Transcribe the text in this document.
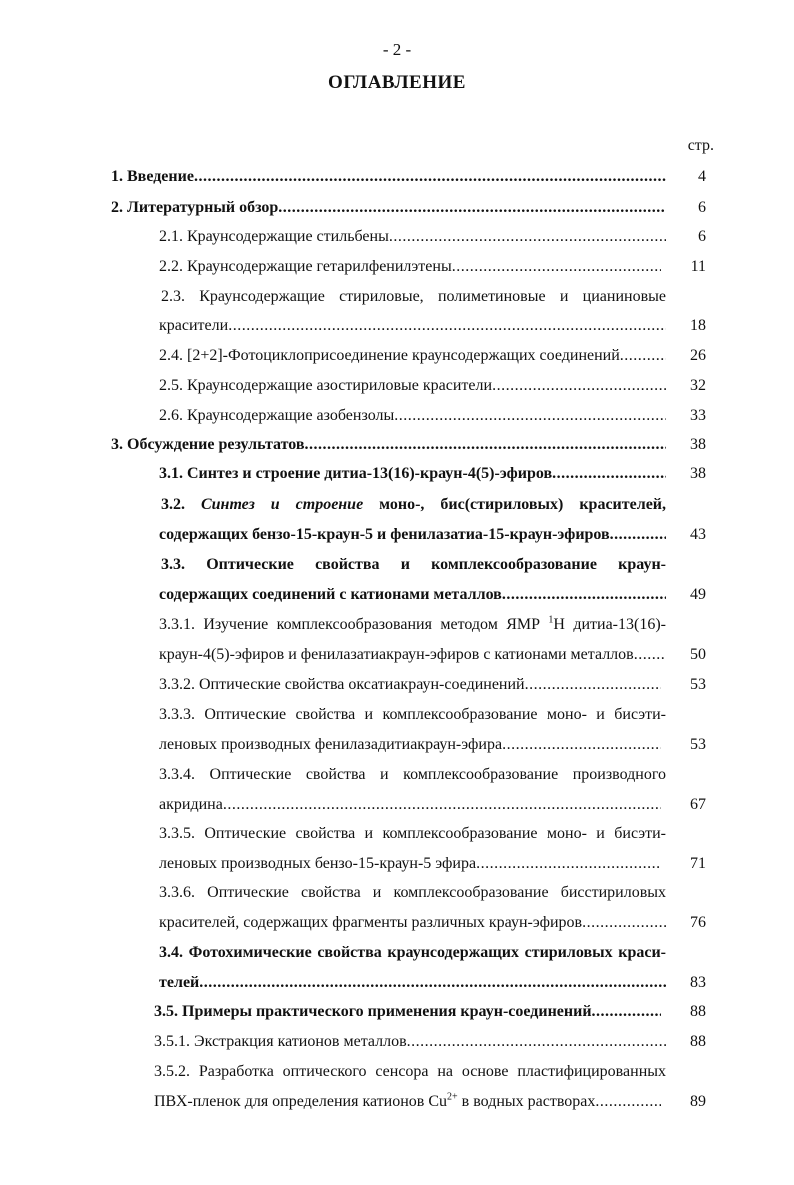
- 2 -
ОГЛАВЛЕНИЕ
стр.
1. Введение .....	4
2. Литературный обзор .....	6
2.1. Краунсодержащие стильбены .....	6
2.2. Краунсодержащие гетарилфенилэтены .....	11
2.3. Краунсодержащие стириловые, полиметиновые и цианиновые
красители .....	18
2.4. [2+2]-Фотоциклоприсоединение краунсодержащих соединений .....	26
2.5. Краунсодержащие азостириловые красители .....	32
2.6. Краунсодержащие азобензолы .....	33
3. Обсуждение результатов .....	38
3.1. Синтез и строение дитиа-13(16)-краун-4(5)-эфиров .....	38
3.2. Синтез и строение моно-, бис(стириловых) красителей,
содержащих бензо-15-краун-5 и фенилазатиа-15-краун-эфиров .....	43
3.3. Оптические свойства и комплексообразование краун-
содержащих соединений с катионами металлов .....	49
3.3.1. Изучение комплексообразования методом ЯМР $^1$Н дитиа-13(16)-
краун-4(5)-эфиров и фенилазатиакраун-эфиров с катионами металлов .....	50
3.3.2. Оптические свойства оксатиакраун-соединений .....	53
3.3.3. Оптические свойства и комплексообразование моно- и бисэти-
леновых производных фенилазадитиакраун-эфира .....	53
3.3.4. Оптические свойства и комплексообразование производного
акридина .....	67
3.3.5. Оптические свойства и комплексообразование моно- и бисэти-
леновых производных бензо-15-краун-5 эфира .....	71
3.3.6. Оптические свойства и комплексообразование бисстириловых
красителей, содержащих фрагменты различных краун-эфиров .....	76
3.4. Фотохимические свойства краунсодержащих стириловых краси-
телей .....	83
3.5. Примеры практического применения краун-соединений .....	88
3.5.1. Экстракция катионов металлов .....	88
3.5.2. Разработка оптического сенсора на основе пластифицированных
ПВХ-пленок для определения катионов $Cu^{2+}$ в водных растворах .....	89
